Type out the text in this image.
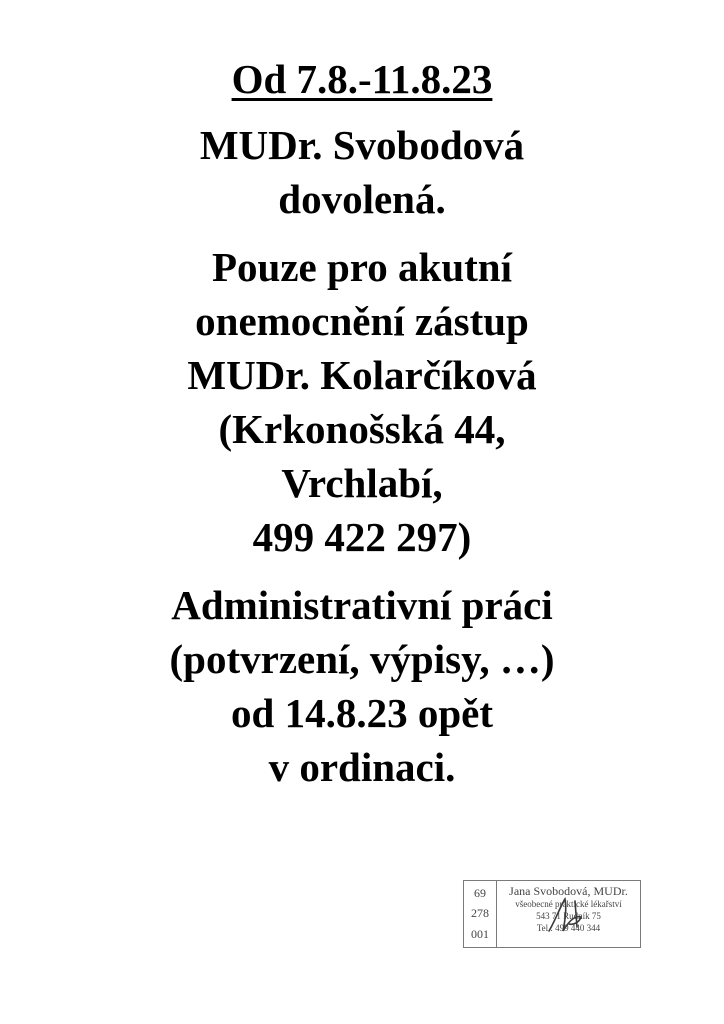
Od 7.8.-11.8.23
MUDr. Svobodová
dovolená.
Pouze pro akutní
onemocnění zástup
MUDr. Kolarčíková
(Krkonošská 44,
Vrchlabí,
499 422 297)
Administrativní práci
(potvrzení, výpisy, …)
od 14.8.23 opět
v ordinaci.
69
278
001
Jana Svobodová, MUDr.
všeobecné praktické lékařství
543 71 Rudník 75
Tel.: 499 440 344
